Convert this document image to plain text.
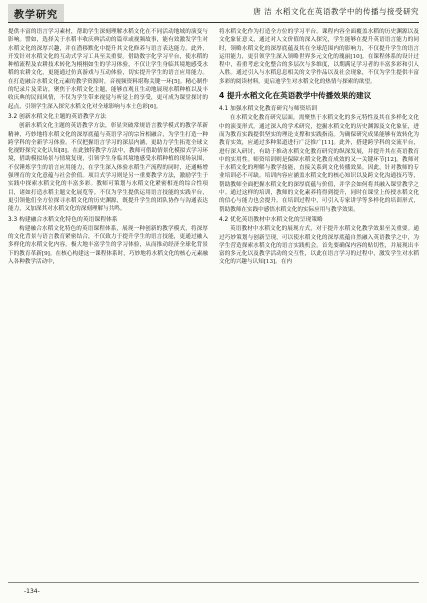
教学研究	唐 洁 水稻文化在英语教学中的传播与接受研究

提供丰富的语言学习素材，帮助学生深刻理解水稻文化在不同活动地域的演变与影响。譬如，选择关于水稻丰收庆典活动的篇章或视频故事，能有效激发学生对水稻文化的深厚兴趣，并在潜移默化中提升其文化修养与语言表达能力。此外，开发针对水稻文化的互动式学习工具至关重要。借助数字化学习平台，使水稻的种植流程及农耕技术转化为栩栩如生的学习体验，不仅让学生身临其境地感受水稻的农耕文化，更能通过仿真游戏与互动体验，切实提升学生的语言应用能力。在打造融合水稻文化元素的教学资源时，音视频资料堪称关键一环[5]。精心制作的纪录片及采访，聚焦于水稻文化主题，能够直观且生动地展现水稻种植以及丰收庆典的民间风情，不仅为学生带来视觉与听觉上的享受，更可成为课堂探讨的起点，引领学生深入探究水稻文化对全球影响与本土色彩[6]。

3.2 创新水稻文化主题的英语教学方法

创新水稻文化主题的英语教学方法，彰显突破常规语言教学模式的教学革新精神，巧妙地将水稻文化的深厚底蕴与英语学习的宗旨相融合，为学生打造一种跨学科的全新学习体验。不仅把握语言学习的深层内涵，更助力学生拓宽全球文化视野探究文化认知[8]。在此独特教学方法中，教师可借助情景化模拟式学习环境，借助模拟场景与情境复现，引领学生身临其境地感受水稻种植的现场氛围，不仅锤炼学生的语言应用能力，在学生深入体验水稻生产流程的同时，还通畅增强理育的文化意蕴与社会价值。项目式学习则是另一重要教学方法，激励学生于实践中探索水稻文化的丰富多彩。教师可策划与水稻文化紧密相连的综合性项目，诸如打造水稻主题文化展览等。不仅为学生提供运用语言技能的实践平台，更引领他们全方位探寻水稻文化的历史渊源，既提升学生的团队协作与沟通表达能力，又加深其对水稻文化的深刻理解与共鸣。

3.3 构建融合水稻文化特色的英语课程体系

构建融合水稻文化特色的英语课程体系，展现一种创新的教学模式，将深厚的文化背景与语言教育紧密结合，不仅致力于提升学生的语言技能，更通过融入多样化的水稻文化内容，极大地丰富学生的学习体验，从而推动经济全球化背景下的教育革新[9]。在核心构建这一课程体系时，巧妙地将水稻文化的核心元素融入各种教学活动中，

将水稻文化作为打造全方位的学习平台。课程内容全面覆盖水稻的历史渊源以及文化象征意义，通过对人文价值的深入探究，学生能够在提升英语语言能力的同时，领略水稻文化的深厚底蕴及其在全球范围内的影响力，不仅提升学生的语言运用能力，更引领学生深入领略世界多元文化的瑰丽[10]。在课程体系的设计过程中，着重考虑文化整合的多层次与多维度，以期满足学习者的丰富多彩和引人入胜。通过引入与水稻息息相关的文学作品以及社会现象，不仅为学生提供丰富多彩的阅读材料，更启迪学生对水稻文化的热情与探索的欲望。

4 提升水稻文化在英语教学中传播效果的建议
4.1 加强水稻文化教育研究与师资培训

在水稻文化教育研究层面，需聚焦于水稻文化的多元特性及其在多样化文化中的演变形式。通过深入的学术研究，挖掘水稻文化的历史渊源及文化象征，进而为教育实践提供坚实的理论支撑和实践指南。为确保研究成果能够有效转化为教育实效，应通过多种渠道进行广泛推广[11]。此外，搭建跨学科的交流平台，进行深入研讨，有助于推动水稻文化教育研究的纵深发展，并提升其在英语教育中的实用性。师资培训则是保障水稻文化教育成效的又一关键环节[12]。教师对于水稻文化的理解与教学技能，直接关系到文化传播效果。因此，针对教师的专业培训必不可缺。培训内容应涵盖水稻文化的核心知识以及跨文化沟通技巧等，帮助教师全面把握水稻文化的深厚底蕴与价值，并学会如何将其融入课堂教学之中。通过这样的培训，教师的文化素养将得到提升，同时在课堂上传授水稻文化的信心与能力也会提升。在培训过程中，可引入专家讲学等多样化的培训形式，帮助教师在实践中感悟水稻文化的实际应用与教学效果。

4.2 优化英语教材中水稻文化的呈现策略

英语教材中水稻文化的展现方式，对于提升水稻文化教学效果至关重要。通过巧妙策划与创新呈现，可以使水稻文化的深厚底蕴自然融入英语教学之中，为学生营造探索水稻文化的语言实践机会。首先要确保内容的贴切性，并展现出丰富的多元化以及教学活动的交互性，以此在语言学习的过程中，激发学生对水稻文化的兴趣与认知[13]。在内

-134-
